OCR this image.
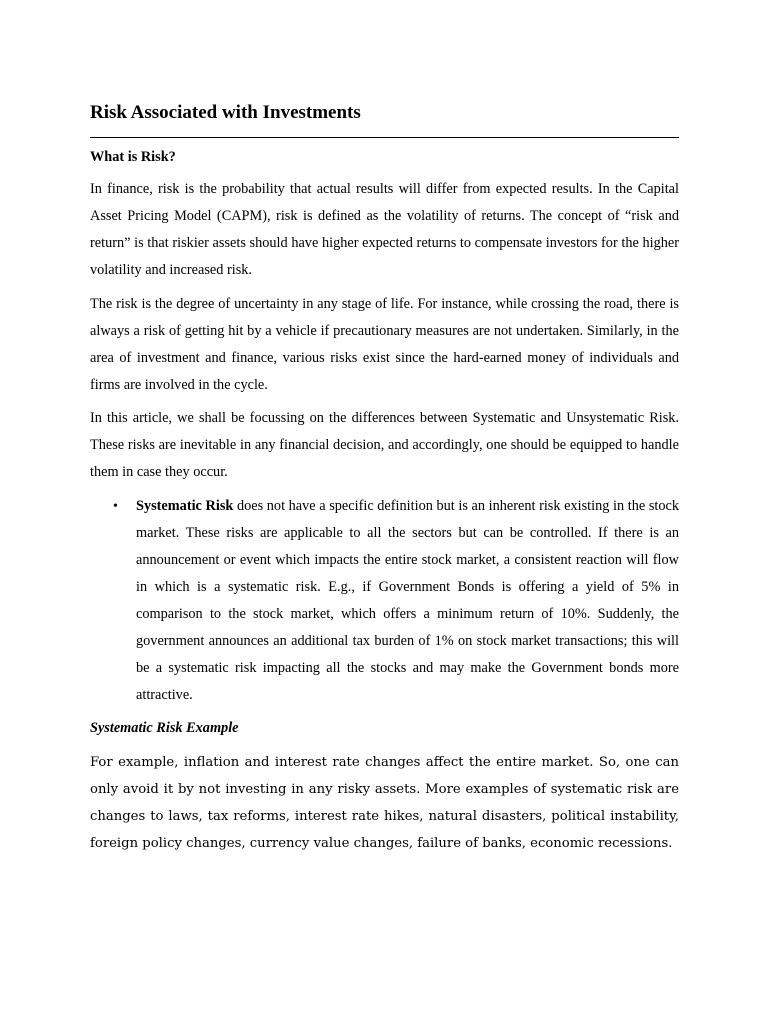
Risk Associated with Investments
What is Risk?

In finance, risk is the probability that actual results will differ from expected results. In the Capital Asset Pricing Model (CAPM), risk is defined as the volatility of returns. The concept of “risk and return” is that riskier assets should have higher expected returns to compensate investors for the higher volatility and increased risk.

The risk is the degree of uncertainty in any stage of life. For instance, while crossing the road, there is always a risk of getting hit by a vehicle if precautionary measures are not undertaken. Similarly, in the area of investment and finance, various risks exist since the hard-earned money of individuals and firms are involved in the cycle.

In this article, we shall be focussing on the differences between Systematic and Unsystematic Risk. These risks are inevitable in any financial decision, and accordingly, one should be equipped to handle them in case they occur.

• Systematic Risk does not have a specific definition but is an inherent risk existing in the stock market. These risks are applicable to all the sectors but can be controlled. If there is an announcement or event which impacts the entire stock market, a consistent reaction will flow in which is a systematic risk. E.g., if Government Bonds is offering a yield of 5% in comparison to the stock market, which offers a minimum return of 10%. Suddenly, the government announces an additional tax burden of 1% on stock market transactions; this will be a systematic risk impacting all the stocks and may make the Government bonds more attractive.
Systematic Risk Example

For example, inflation and interest rate changes affect the entire market. So, one can only avoid it by not investing in any risky assets. More examples of systematic risk are changes to laws, tax reforms, interest rate hikes, natural disasters, political instability, foreign policy changes, currency value changes, failure of banks, economic recessions.
